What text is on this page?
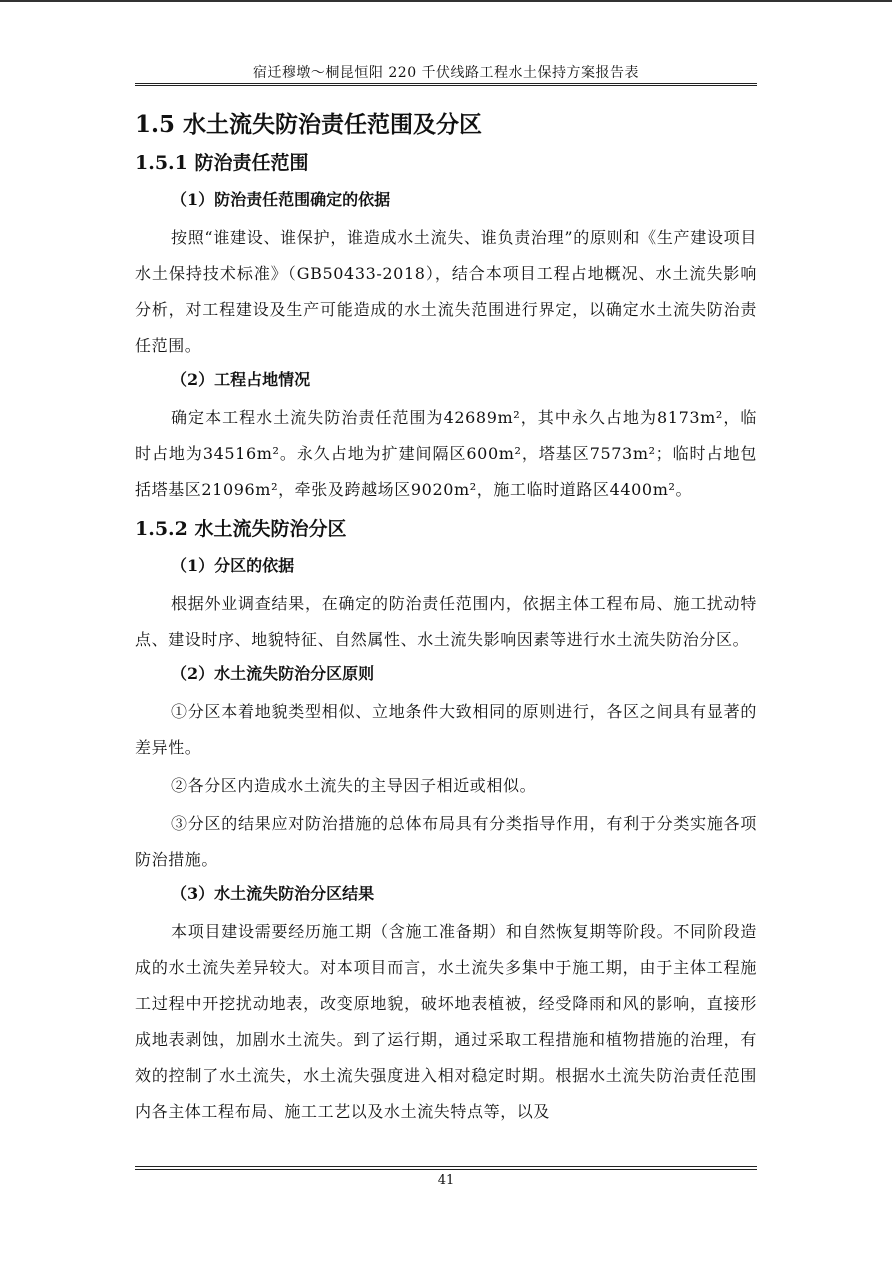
宿迁穆墩～桐昆恒阳 220 千伏线路工程水土保持方案报告表
1.5 水土流失防治责任范围及分区
1.5.1 防治责任范围
（1）防治责任范围确定的依据

按照“谁建设、谁保护，谁造成水土流失、谁负责治理”的原则和《生产建设项目水土保持技术标准》（GB50433-2018），结合本项目工程占地概况、水土流失影响分析，对工程建设及生产可能造成的水土流失范围进行界定，以确定水土流失防治责任范围。

（2）工程占地情况

确定本工程水土流失防治责任范围为42689m²，其中永久占地为8173m²，临时占地为34516m²。永久占地为扩建间隔区600m²，塔基区7573m²；临时占地包括塔基区21096m²，牵张及跨越场区9020m²，施工临时道路区4400m²。

1.5.2 水土流失防治分区
（1）分区的依据

根据外业调查结果，在确定的防治责任范围内，依据主体工程布局、施工扰动特点、建设时序、地貌特征、自然属性、水土流失影响因素等进行水土流失防治分区。

（2）水土流失防治分区原则

①分区本着地貌类型相似、立地条件大致相同的原则进行，各区之间具有显著的差异性。

②各分区内造成水土流失的主导因子相近或相似。

③分区的结果应对防治措施的总体布局具有分类指导作用，有利于分类实施各项防治措施。

（3）水土流失防治分区结果

本项目建设需要经历施工期（含施工准备期）和自然恢复期等阶段。不同阶段造成的水土流失差异较大。对本项目而言，水土流失多集中于施工期，由于主体工程施工过程中开挖扰动地表，改变原地貌，破坏地表植被，经受降雨和风的影响，直接形成地表剥蚀，加剧水土流失。到了运行期，通过采取工程措施和植物措施的治理，有效的控制了水土流失，水土流失强度进入相对稳定时期。根据水土流失防治责任范围内各主体工程布局、施工工艺以及水土流失特点等，以及

41
